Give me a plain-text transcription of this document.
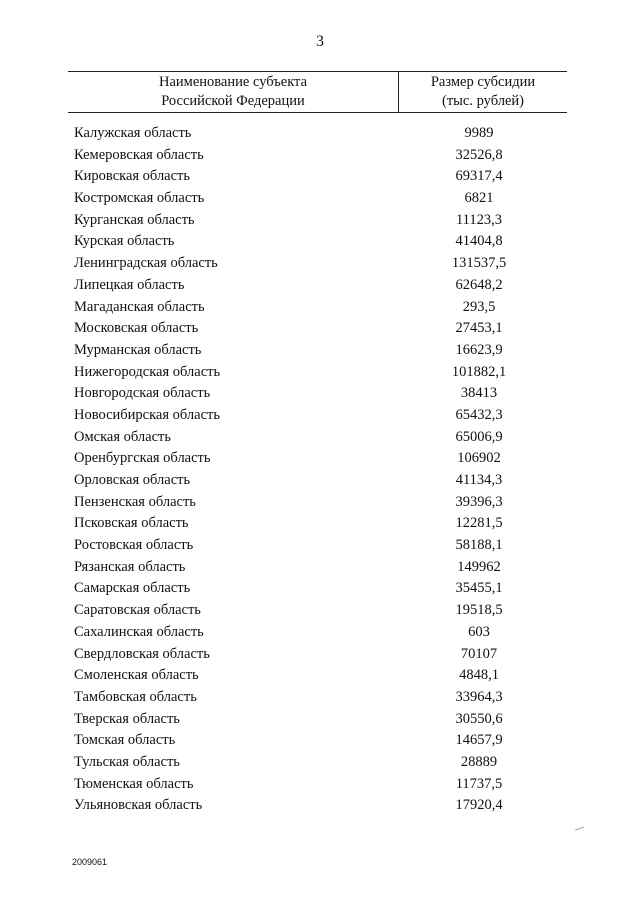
3
Наименование субъекта
Российской Федерации
Размер субсидии
(тыс. рублей)
Калужская область	9989
Кемеровская область	32526,8
Кировская область	69317,4
Костромская область	6821
Курганская область	11123,3
Курская область	41404,8
Ленинградская область	131537,5
Липецкая область	62648,2
Магаданская область	293,5
Московская область	27453,1
Мурманская область	16623,9
Нижегородская область	101882,1
Новгородская область	38413
Новосибирская область	65432,3
Омская область	65006,9
Оренбургская область	106902
Орловская область	41134,3
Пензенская область	39396,3
Псковская область	12281,5
Ростовская область	58188,1
Рязанская область	149962
Самарская область	35455,1
Саратовская область	19518,5
Сахалинская область	603
Свердловская область	70107
Смоленская область	4848,1
Тамбовская область	33964,3
Тверская область	30550,6
Томская область	14657,9
Тульская область	28889
Тюменская область	11737,5
Ульяновская область	17920,4
2009061
